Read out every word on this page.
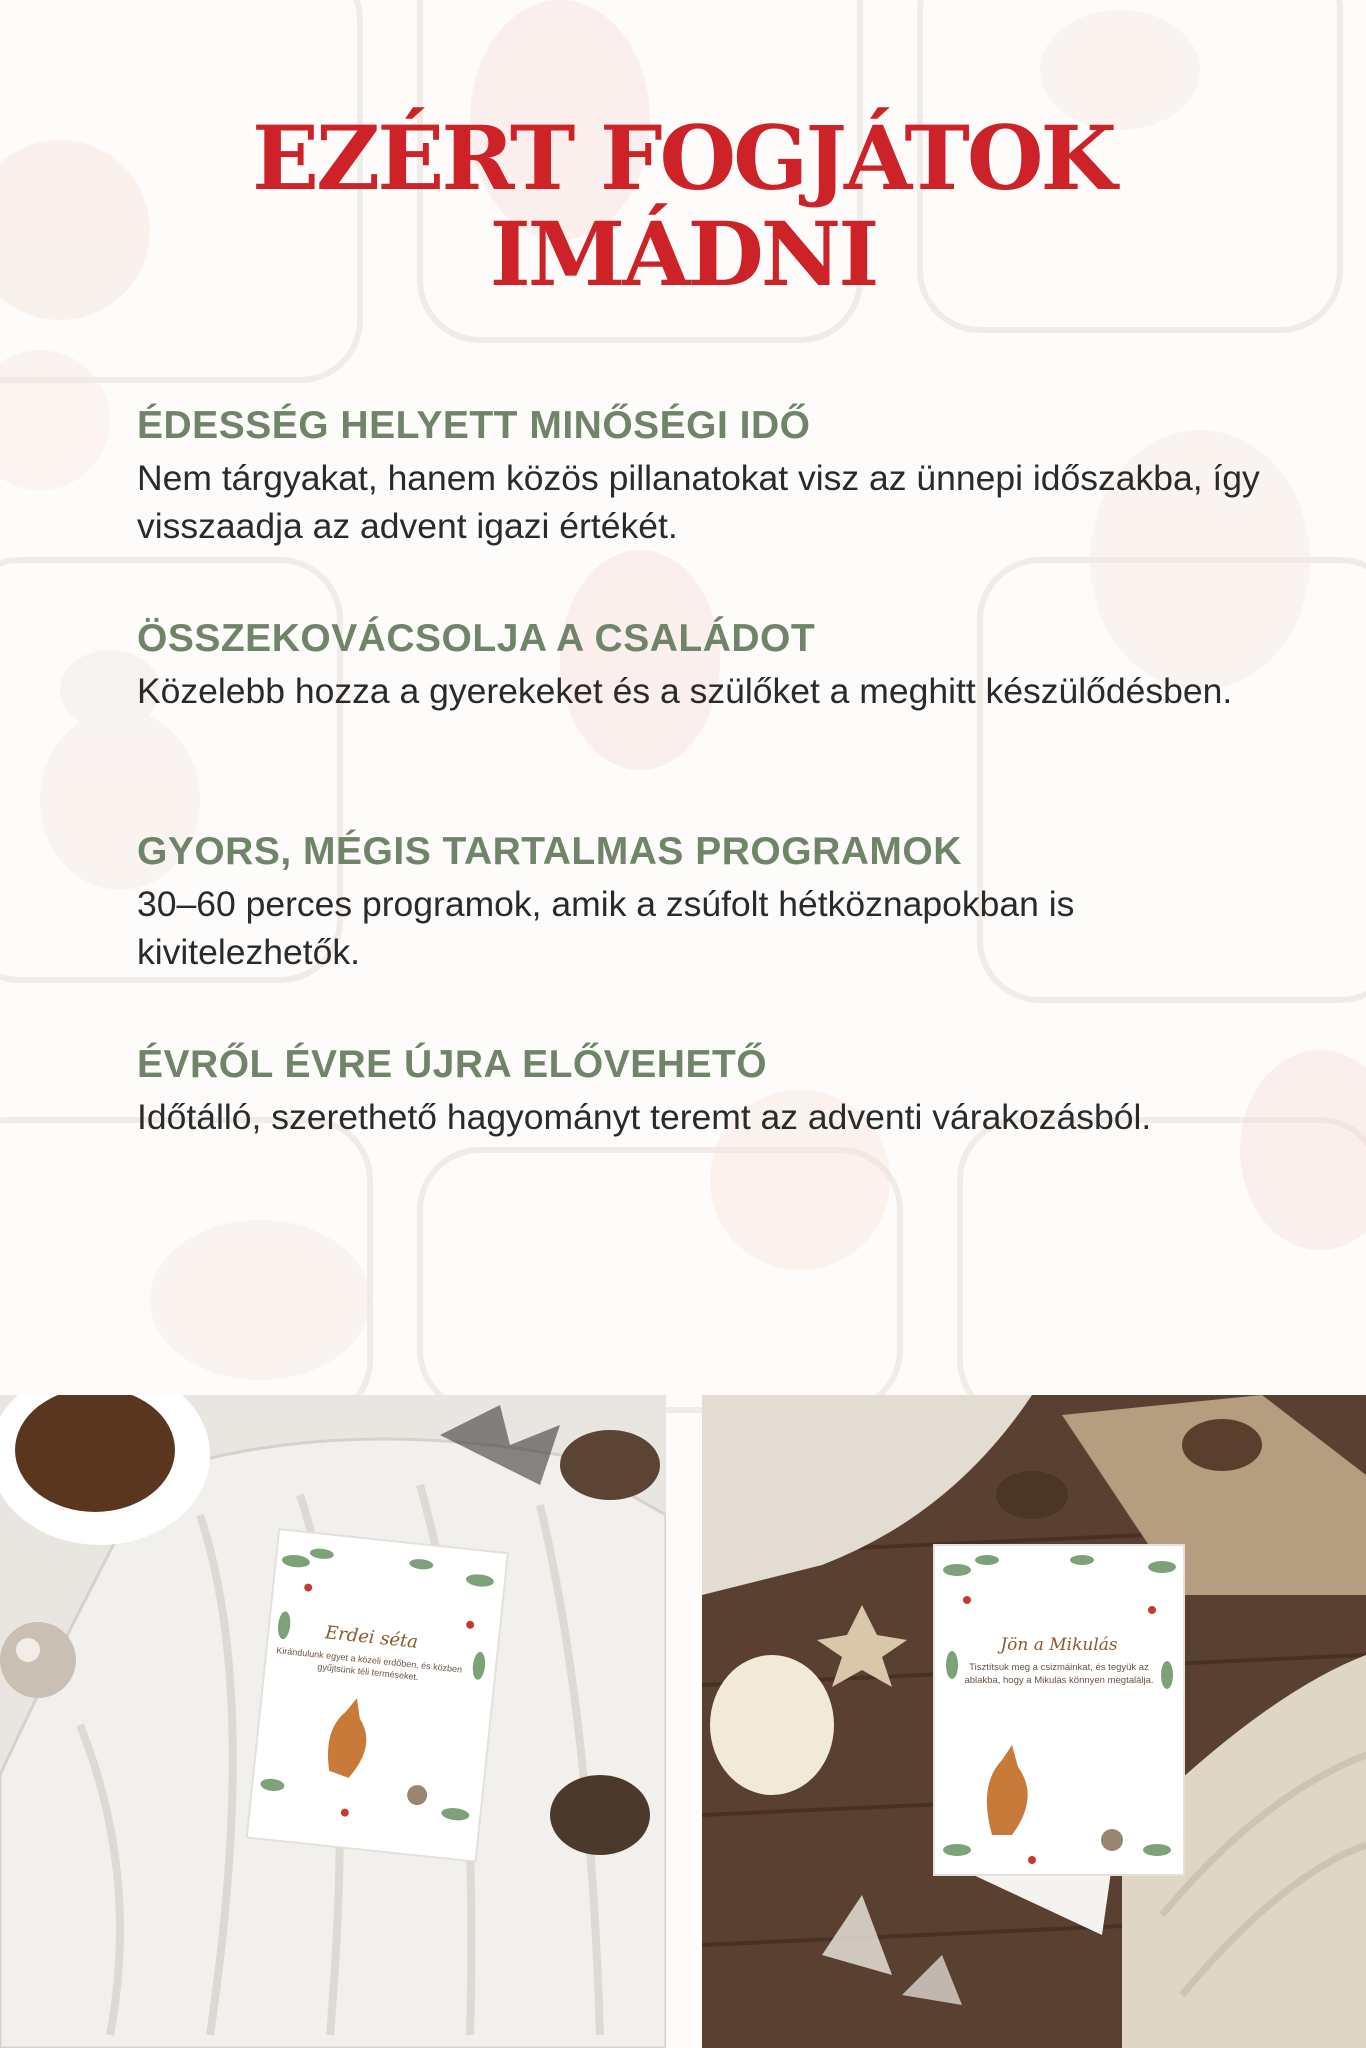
EZÉRT FOGJÁTOK
IMÁDNI
ÉDESSÉG HELYETT MINŐSÉGI IDŐ

Nem tárgyakat, hanem közös pillanatokat visz az ünnepi időszakba, így visszaadja az advent igazi értékét.

ÖSSZEKOVÁCSOLJA A CSALÁDOT

Közelebb hozza a gyerekeket és a szülőket a meghitt készülődésben.

GYORS, MÉGIS TARTALMAS PROGRAMOK

30–60 perces programok, amik a zsúfolt hétköznapokban is kivitelezhetők.

ÉVRŐL ÉVRE ÚJRA ELŐVEHETŐ

Időtálló, szerethető hagyományt teremt az adventi várakozásból.

Erdei séta
Kirándulunk egyet a közeli erdőben, és közben gyűjtsünk téli terméseket.
Jön a Mikulás
Tisztítsuk meg a csizmáinkat, és tegyük az ablakba, hogy a Mikulás könnyen megtalálja.
